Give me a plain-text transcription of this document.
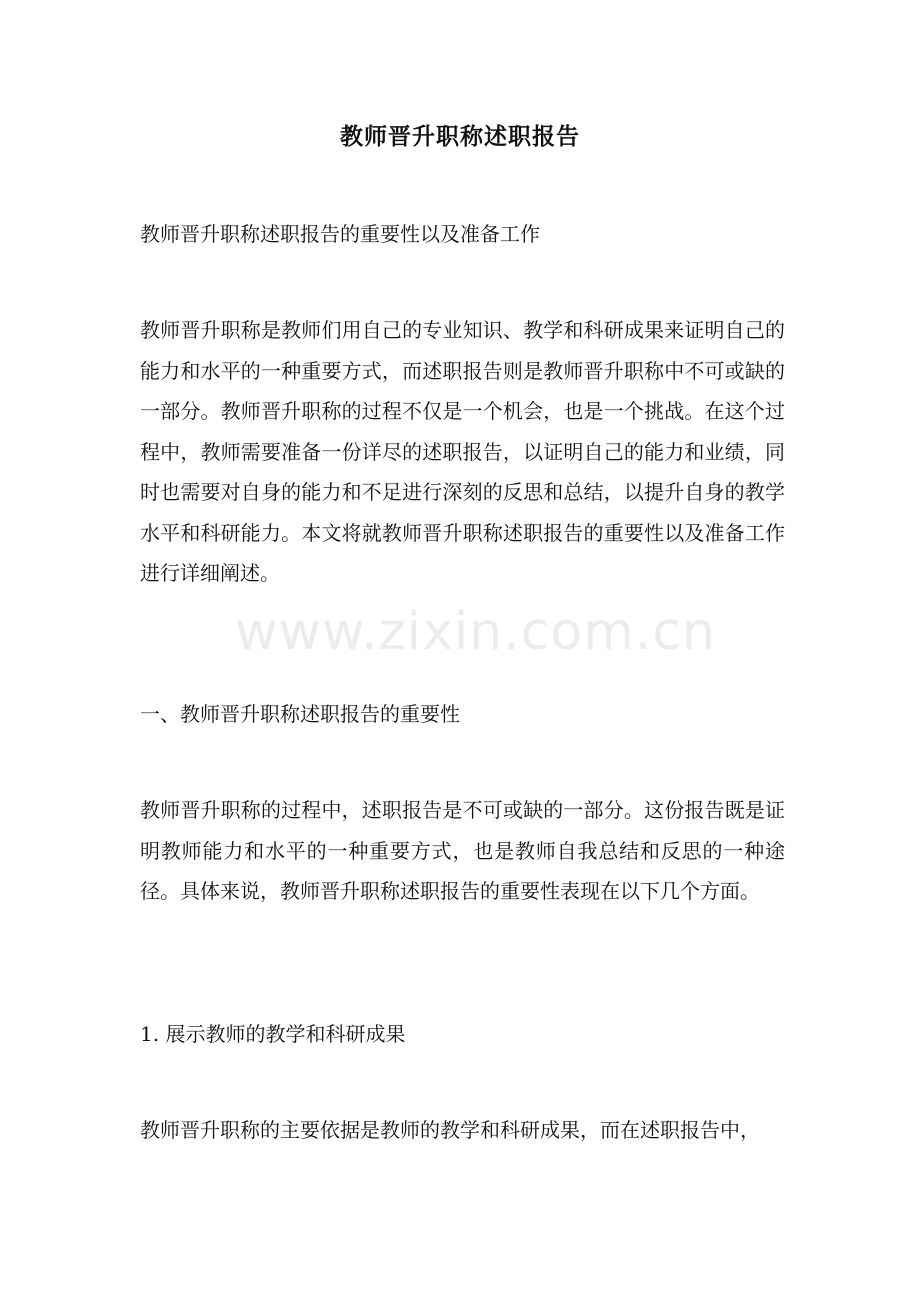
教师晋升职称述职报告
教师晋升职称述职报告的重要性以及准备工作
教师晋升职称是教师们用自己的专业知识、教学和科研成果来证明自己的能力和水平的一种重要方式，而述职报告则是教师晋升职称中不可或缺的一部分。教师晋升职称的过程不仅是一个机会，也是一个挑战。在这个过程中，教师需要准备一份详尽的述职报告，以证明自己的能力和业绩，同时也需要对自身的能力和不足进行深刻的反思和总结，以提升自身的教学水平和科研能力。本文将就教师晋升职称述职报告的重要性以及准备工作进行详细阐述。
一、教师晋升职称述职报告的重要性
教师晋升职称的过程中，述职报告是不可或缺的一部分。这份报告既是证明教师能力和水平的一种重要方式，也是教师自我总结和反思的一种途径。具体来说，教师晋升职称述职报告的重要性表现在以下几个方面。
1. 展示教师的教学和科研成果
教师晋升职称的主要依据是教师的教学和科研成果，而在述职报告中，
www.zixin.com.cn
